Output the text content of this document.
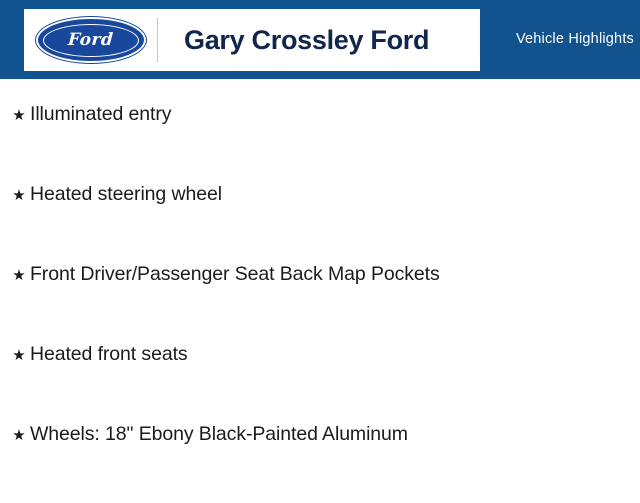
Ford	Gary Crossley Ford	Vehicle Highlights
★ Illuminated entry
★ Heated steering wheel
★ Front Driver/Passenger Seat Back Map Pockets
★ Heated front seats
★ Wheels: 18" Ebony Black-Painted Aluminum
